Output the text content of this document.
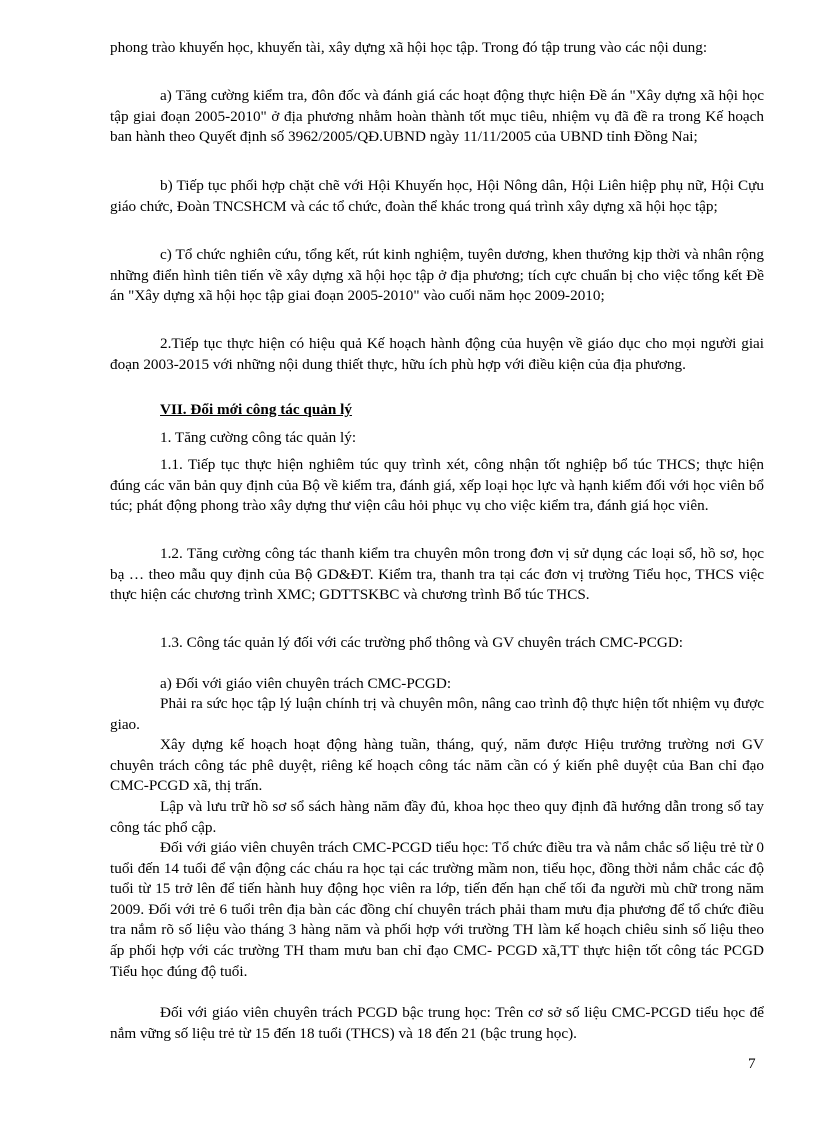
phong trào khuyến học, khuyến tài, xây dựng xã hội học tập. Trong đó tập trung vào các nội dung:

a) Tăng cường kiểm tra, đôn đốc và đánh giá các hoạt động thực hiện Đề án "Xây dựng xã hội học tập giai đoạn 2005-2010" ở địa phương nhằm hoàn thành tốt mục tiêu, nhiệm vụ đã đề ra trong Kế hoạch ban hành theo Quyết định số 3962/2005/QĐ.UBND ngày 11/11/2005 của UBND tỉnh Đồng Nai;

b) Tiếp tục phối hợp chặt chẽ với Hội Khuyến học, Hội Nông dân, Hội Liên hiệp phụ nữ, Hội Cựu giáo chức, Đoàn TNCSHCM và các tổ chức, đoàn thể khác trong quá trình xây dựng xã hội học tập;

c) Tổ chức nghiên cứu, tổng kết, rút kinh nghiệm, tuyên dương, khen thưởng kịp thời và nhân rộng những điển hình tiên tiến về xây dựng xã hội học tập ở địa phương; tích cực chuẩn bị cho việc tổng kết Đề án "Xây dựng xã hội học tập giai đoạn 2005-2010" vào cuối năm học 2009-2010;

2.Tiếp tục thực hiện có hiệu quả Kế hoạch hành động của huyện về giáo dục cho mọi người giai đoạn 2003-2015 với những nội dung thiết thực, hữu ích phù hợp với điều kiện của địa phương.

VII. Đổi mới công tác quản lý

1. Tăng cường công tác quản lý:

1.1. Tiếp tục thực hiện nghiêm túc quy trình xét, công nhận tốt nghiệp bổ túc THCS; thực hiện đúng các văn bản quy định của Bộ về kiểm tra, đánh giá, xếp loại học lực và hạnh kiểm đối với học viên bổ túc; phát động phong trào xây dựng thư viện câu hỏi phục vụ cho việc kiểm tra, đánh giá học viên.

1.2. Tăng cường công tác thanh kiểm tra chuyên môn trong đơn vị sử dụng các loại sổ, hồ sơ, học bạ … theo mẫu quy định của Bộ GD&ĐT. Kiểm tra, thanh tra tại các đơn vị trường Tiểu học, THCS việc thực hiện các chương trình XMC; GDTTSKBC và chương trình Bổ túc THCS.

1.3. Công tác quản lý đối với các trường phổ thông và GV chuyên trách CMC-PCGD:

a) Đối với giáo viên chuyên trách CMC-PCGD:

Phải ra sức học tập lý luận chính trị và chuyên môn, nâng cao trình độ thực hiện tốt nhiệm vụ được giao.

Xây dựng kế hoạch hoạt động hàng tuần, tháng, quý, năm được Hiệu trưởng trường nơi GV chuyên trách công tác phê duyệt, riêng kế hoạch công tác năm cần có ý kiến phê duyệt của Ban chỉ đạo CMC-PCGD xã, thị trấn.

Lập và lưu trữ hồ sơ sổ sách hàng năm đầy đủ, khoa học theo quy định đã hướng dẫn trong sổ tay công tác phổ cập.

Đối với giáo viên chuyên trách CMC-PCGD tiểu học: Tổ chức điều tra và nắm chắc số liệu trẻ từ 0 tuổi đến 14 tuổi để vận động các cháu ra học tại các trường mầm non, tiểu học, đồng thời nắm chắc các độ tuổi từ 15 trở lên để tiến hành huy động học viên ra lớp, tiến đến hạn chế tối đa người mù chữ trong năm 2009. Đối với trẻ 6 tuổi trên địa bàn các đồng chí chuyên trách phải tham mưu địa phương để tổ chức điều tra nắm rõ số liệu vào tháng 3 hàng năm và phối hợp với trường TH làm kế hoạch chiêu sinh số liệu theo ấp phối hợp với các trường TH tham mưu ban chỉ đạo CMC- PCGD xã,TT thực hiện tốt công tác PCGD Tiểu học đúng độ tuổi.

Đối với giáo viên chuyên trách PCGD bậc trung học: Trên cơ sở số liệu CMC-PCGD tiểu học để nắm vững số liệu trẻ từ 15 đến 18 tuổi (THCS) và 18 đến 21 (bậc trung học).

7
